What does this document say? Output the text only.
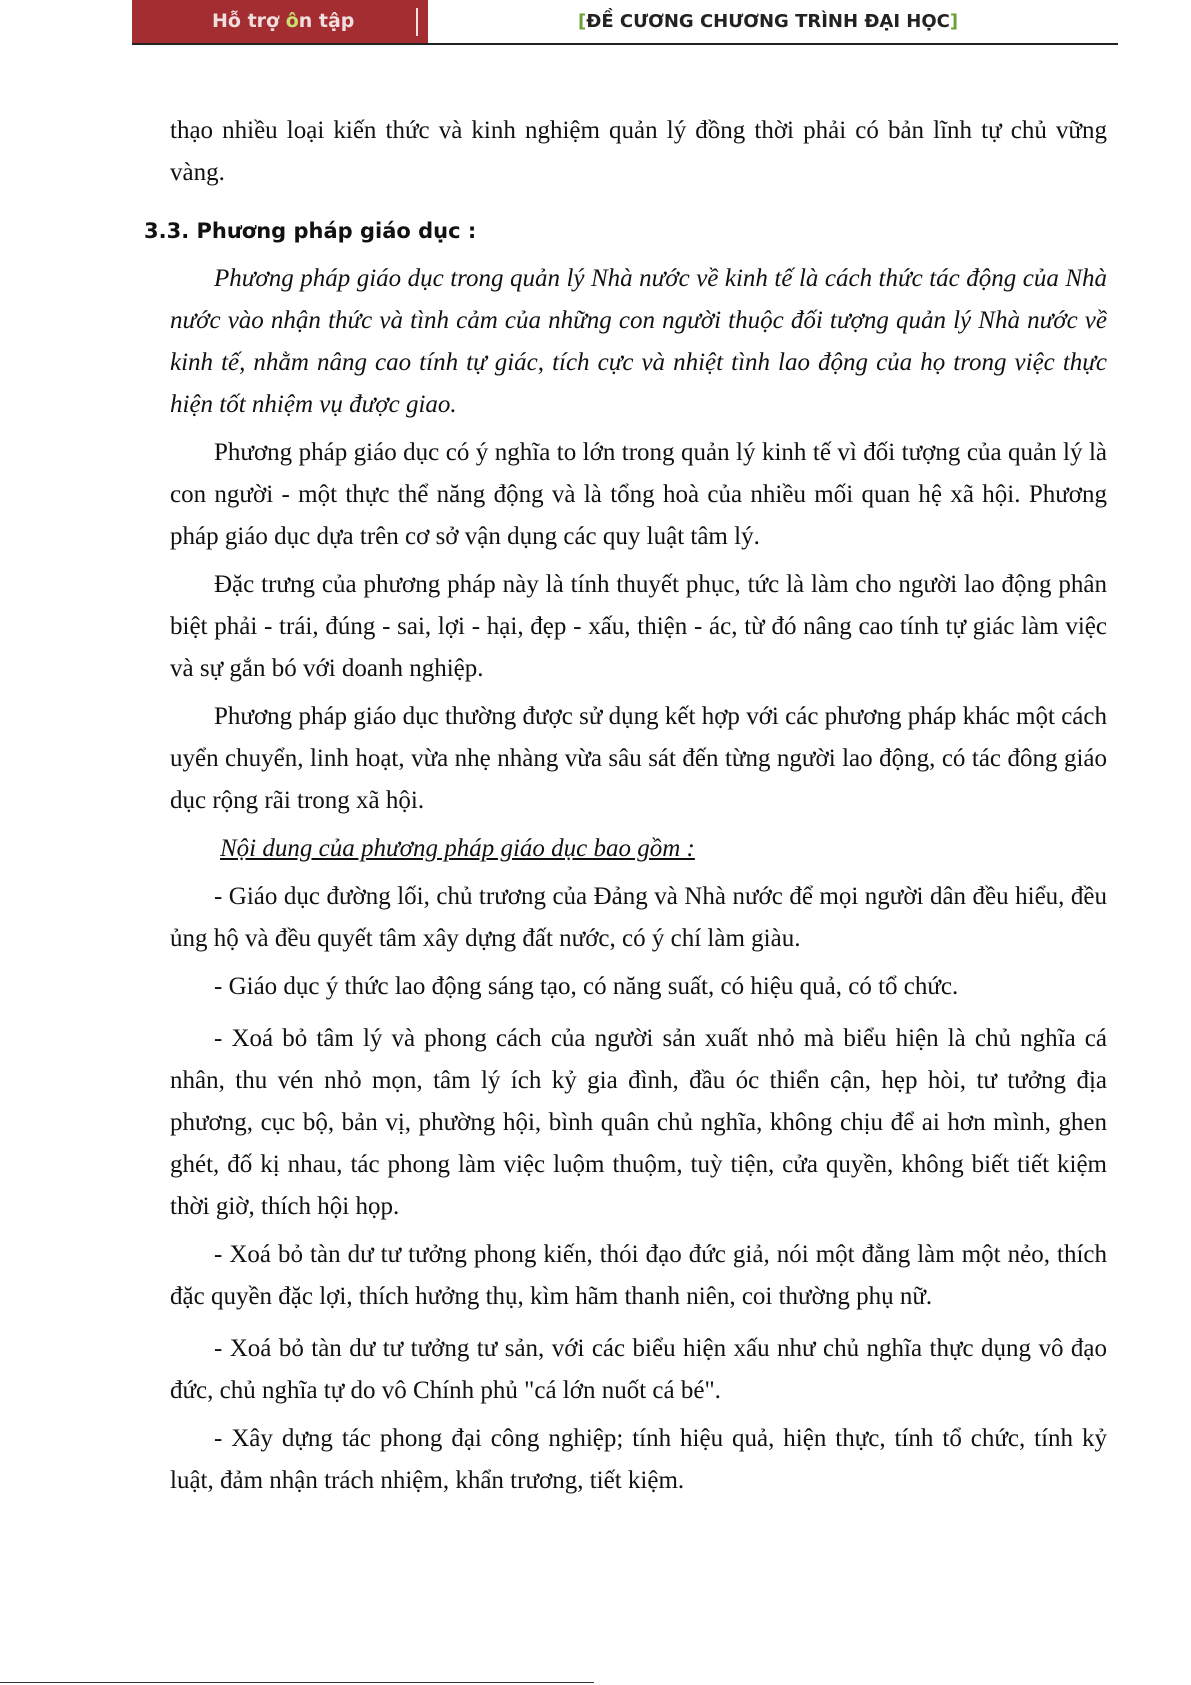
Hỗ trợ ôn tập	[ĐỀ CƯƠNG CHƯƠNG TRÌNH ĐẠI HỌC]

thạo nhiều loại kiến thức và kinh nghiệm quản lý đồng thời phải có bản lĩnh tự chủ vững vàng.

3.3. Phương pháp giáo dục :

Phương pháp giáo dục trong quản lý Nhà nước về kinh tế là cách thức tác động của Nhà nước vào nhận thức và tình cảm của những con người thuộc đối tượng quản lý Nhà nước về kinh tế, nhằm nâng cao tính tự giác, tích cực và nhiệt tình lao động của họ trong việc thực hiện tốt nhiệm vụ được giao.

Phương pháp giáo dục có ý nghĩa to lớn trong quản lý kinh tế vì đối tượng của quản lý là con người - một thực thể năng động và là tổng hoà của nhiều mối quan hệ xã hội. Phương pháp giáo dục dựa trên cơ sở vận dụng các quy luật tâm lý.

Đặc trưng của phương pháp này là tính thuyết phục, tức là làm cho người lao động phân biệt phải - trái, đúng - sai, lợi - hại, đẹp - xấu, thiện - ác, từ đó nâng cao tính tự giác làm việc và sự gắn bó với doanh nghiệp.

Phương pháp giáo dục thường được sử dụng kết hợp với các phương pháp khác một cách uyển chuyển, linh hoạt, vừa nhẹ nhàng vừa sâu sát đến từng người lao động, có tác đông giáo dục rộng rãi trong xã hội.

Nội dung của phương pháp giáo dục bao gồm :

- Giáo dục đường lối, chủ trương của Đảng và Nhà nước để mọi người dân đều hiểu, đều ủng hộ và đều quyết tâm xây dựng đất nước, có ý chí làm giàu.

- Giáo dục ý thức lao động sáng tạo, có năng suất, có hiệu quả, có tổ chức.

- Xoá bỏ tâm lý và phong cách của người sản xuất nhỏ mà biểu hiện là chủ nghĩa cá nhân, thu vén nhỏ mọn, tâm lý ích kỷ gia đình, đầu óc thiển cận, hẹp hòi, tư tưởng địa phương, cục bộ, bản vị, phường hội, bình quân chủ nghĩa, không chịu để ai hơn mình, ghen ghét, đố kị nhau, tác phong làm việc luộm thuộm, tuỳ tiện, cửa quyền, không biết tiết kiệm thời giờ, thích hội họp.

- Xoá bỏ tàn dư tư tưởng phong kiến, thói đạo đức giả, nói một đằng làm một nẻo, thích đặc quyền đặc lợi, thích hưởng thụ, kìm hãm thanh niên, coi thường phụ nữ.

- Xoá bỏ tàn dư tư tưởng tư sản, với các biểu hiện xấu như chủ nghĩa thực dụng vô đạo đức, chủ nghĩa tự do vô Chính phủ "cá lớn nuốt cá bé".

- Xây dựng tác phong đại công nghiệp; tính hiệu quả, hiện thực, tính tổ chức, tính kỷ luật, đảm nhận trách nhiệm, khẩn trương, tiết kiệm.
